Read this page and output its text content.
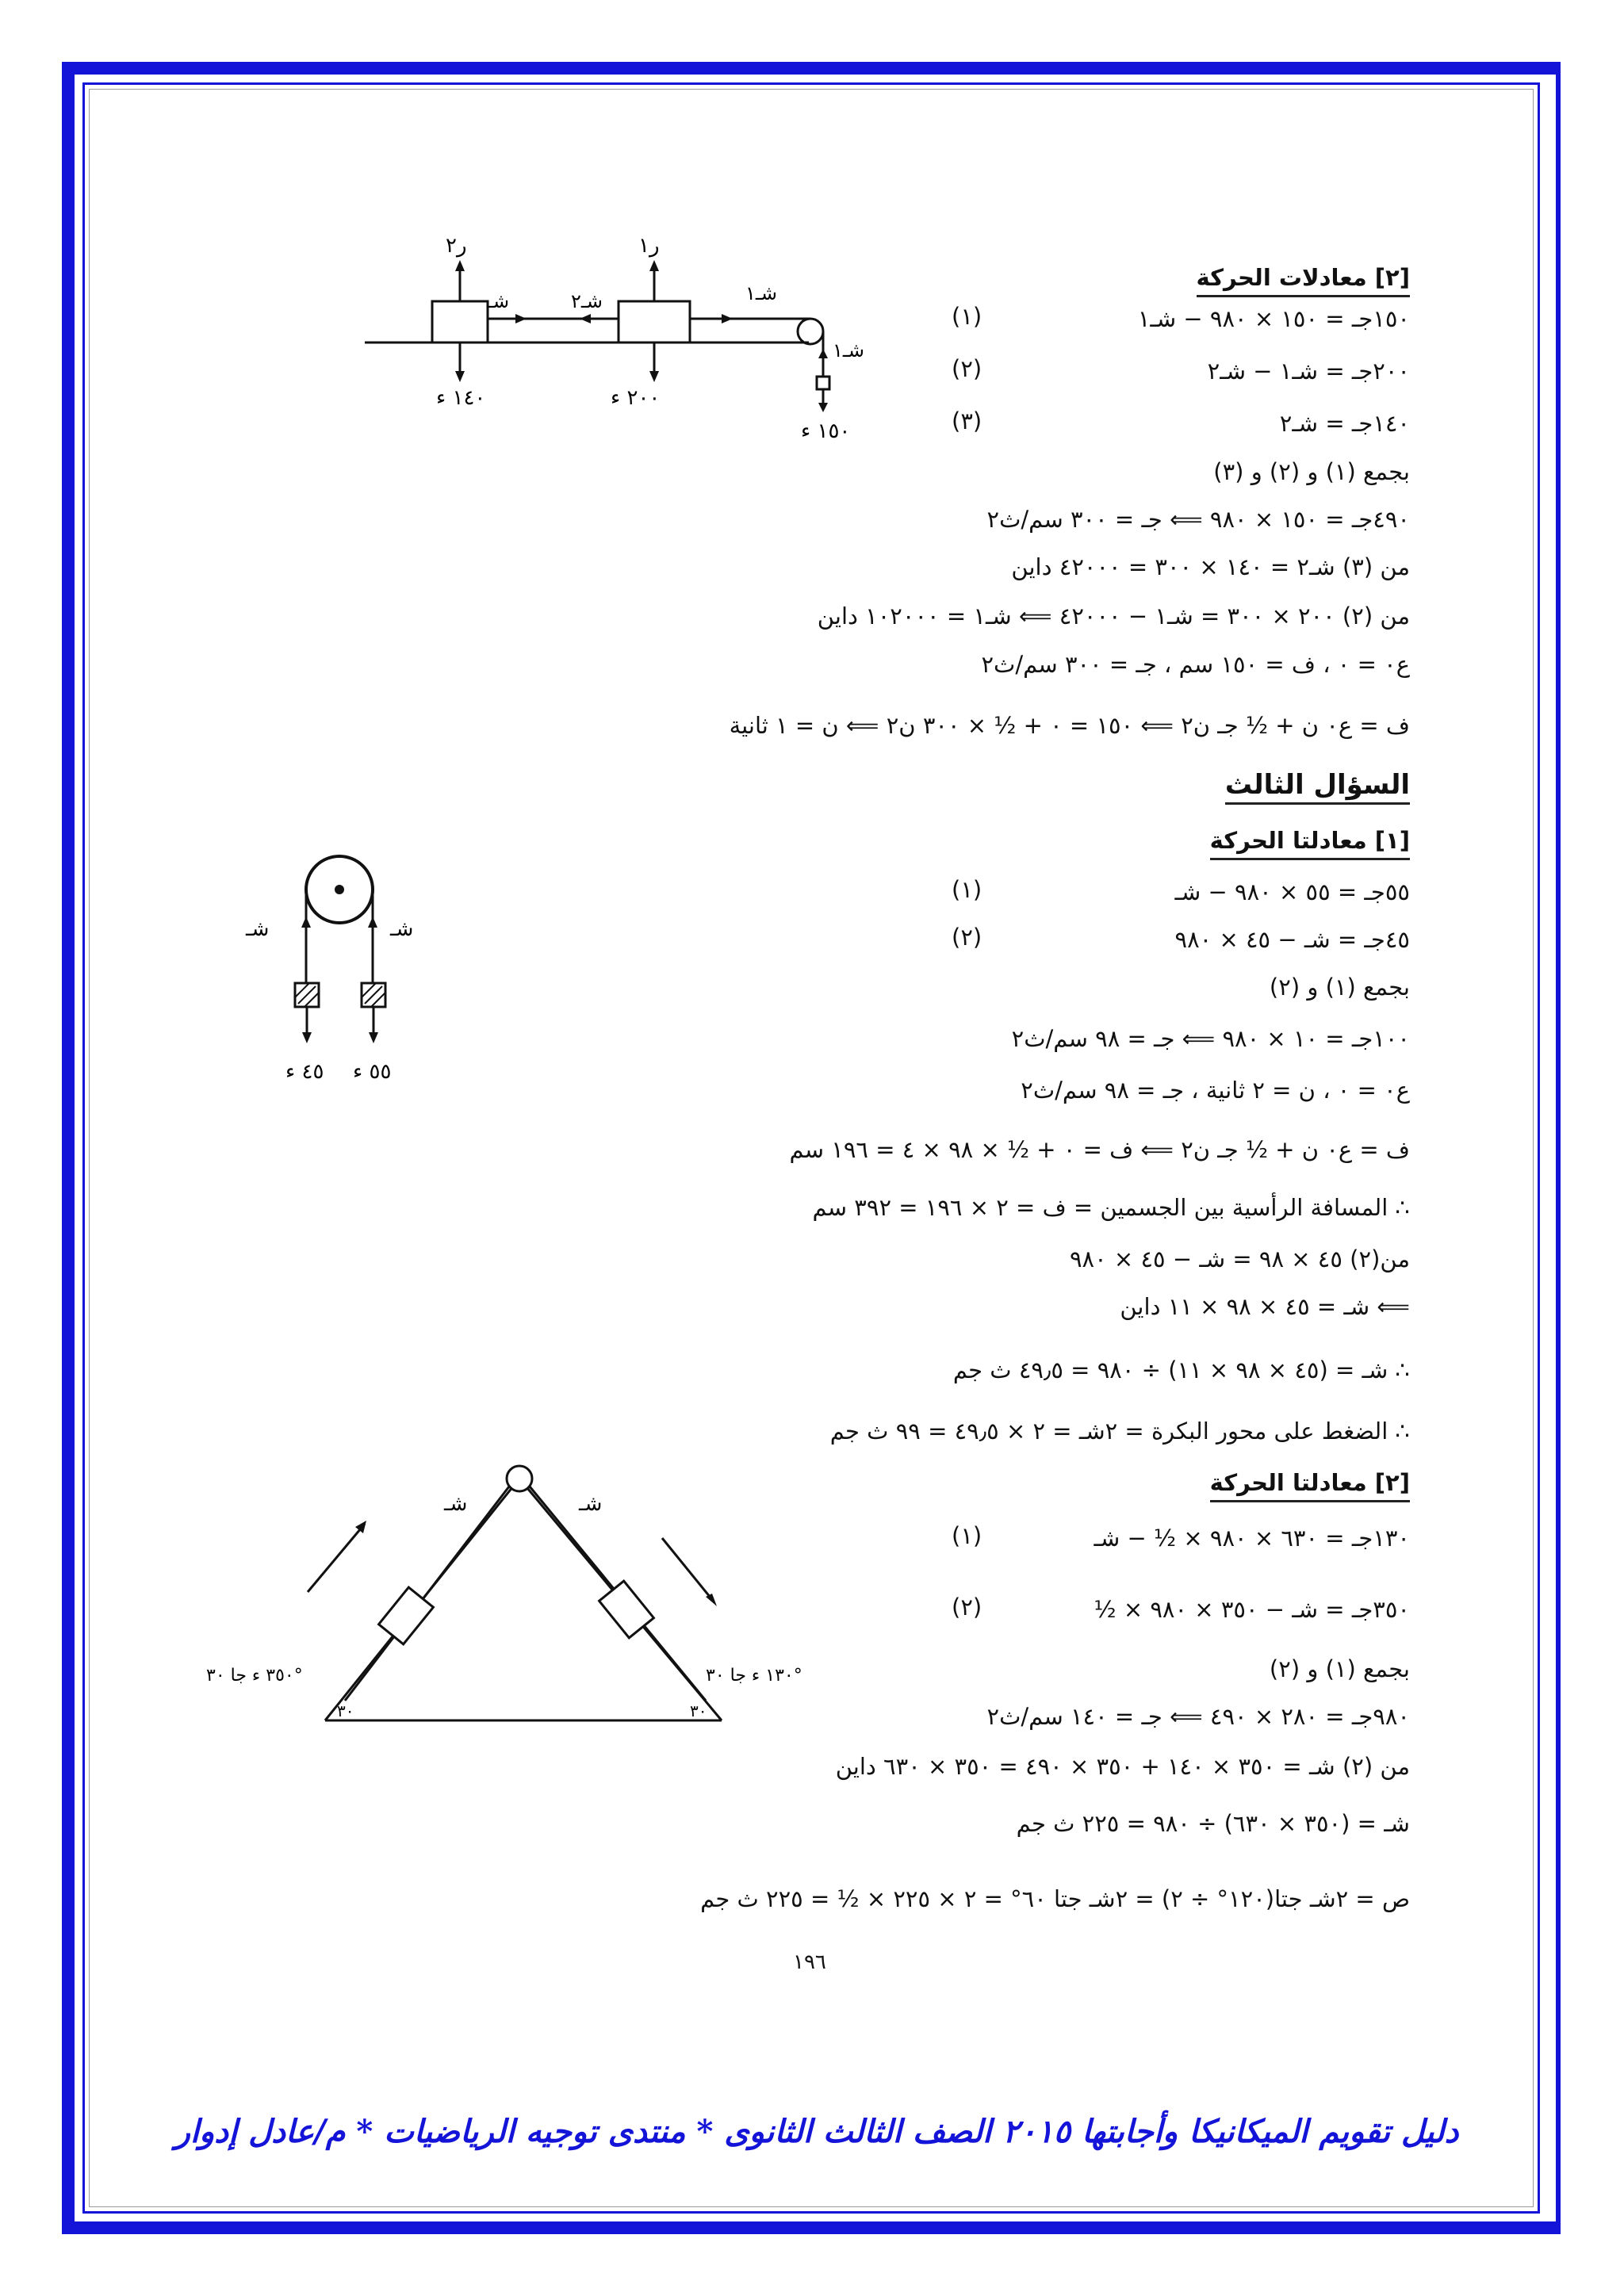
[٢] معادلات الحركة
١٥٠جـ = ١٥٠ × ٩٨٠ − شـ١
(١)
٢٠٠جـ = شـ١ − شـ٢
(٢)
١٤٠جـ = شـ٢
(٣)
بجمع (١) و (٢) و (٣)
٤٩٠جـ = ١٥٠ × ٩٨٠ ⟸ جـ = ٣٠٠ سم/ث٢
من (٣) شـ٢ = ١٤٠ × ٣٠٠ = ٤٢٠٠٠ داين
من (٢) ٢٠٠ × ٣٠٠ = شـ١ − ٤٢٠٠٠ ⟸ شـ١ = ١٠٢٠٠٠ داين
ع٠ = ٠ ، ف = ١٥٠ سم ، جـ = ٣٠٠ سم/ث٢
ف = ع٠ ن + ½ جـ ن٢ ⟸ ١٥٠ = ٠ + ½ × ٣٠٠ ن٢ ⟸ ن = ١ ثانية
١٤٠ ء	٢٠٠ ء
١٥٠ ء
ر٢	ر١
شـ	شـ٢	شـ١
شـ١
السؤال الثالث
[١] معادلتا الحركة
٥٥جـ = ٥٥ × ٩٨٠ − شـ
(١)
٤٥جـ = شـ − ٤٥ × ٩٨٠
(٢)
بجمع (١) و (٢)
١٠٠جـ = ١٠ × ٩٨٠ ⟸ جـ = ٩٨ سم/ث٢
ع٠ = ٠ ، ن = ٢ ثانية ، جـ = ٩٨ سم/ث٢
ف = ع٠ ن + ½ جـ ن٢ ⟸ ف = ٠ + ½ × ٩٨ × ٤ = ١٩٦ سم
∴ المسافة الرأسية بين الجسمين = ف = ٢ × ١٩٦ = ٣٩٢ سم
من(٢) ٤٥ × ٩٨ = شـ − ٤٥ × ٩٨٠
⟸ شـ = ٤٥ × ٩٨ × ١١ داين
∴ شـ = (٤٥ × ٩٨ × ١١) ÷ ٩٨٠ = ٤٩٫٥ ث جم
∴ الضغط على محور البكرة = ٢شـ = ٢ × ٤٩٫٥ = ٩٩ ث جم
شـ	شـ
٤٥ ء ٥٥ ء
[٢] معادلتا الحركة
١٣٠جـ = ٦٣٠ × ٩٨٠ × ½ − شـ
(١)
٣٥٠جـ = شـ − ٣٥٠ × ٩٨٠ × ½
(٢)
بجمع (١) و (٢)
٩٨٠جـ = ٢٨٠ × ٤٩٠ ⟸ جـ = ١٤٠ سم/ث٢
من (٢) شـ = ٣٥٠ × ١٤٠ + ٣٥٠ × ٤٩٠ = ٣٥٠ × ٦٣٠ داين
شـ = (٣٥٠ × ٦٣٠) ÷ ٩٨٠ = ٢٢٥ ث جم
ص = ٢شـ جتا(١٢٠° ÷ ٢) = ٢شـ جتا ٦٠° = ٢ × ٢٢٥ × ½ = ٢٢٥ ث جم
شـ	شـ
٣٥٠ ء جا ٣٠°	١٣٠ ء جا ٣٠°
٣٠	٣٠
١٩٦
دليل تقويم الميكانيكا وأجابتها ٢٠١٥ الصف الثالث الثانوى * منتدى توجيه الرياضيات * م/عادل إدوار
